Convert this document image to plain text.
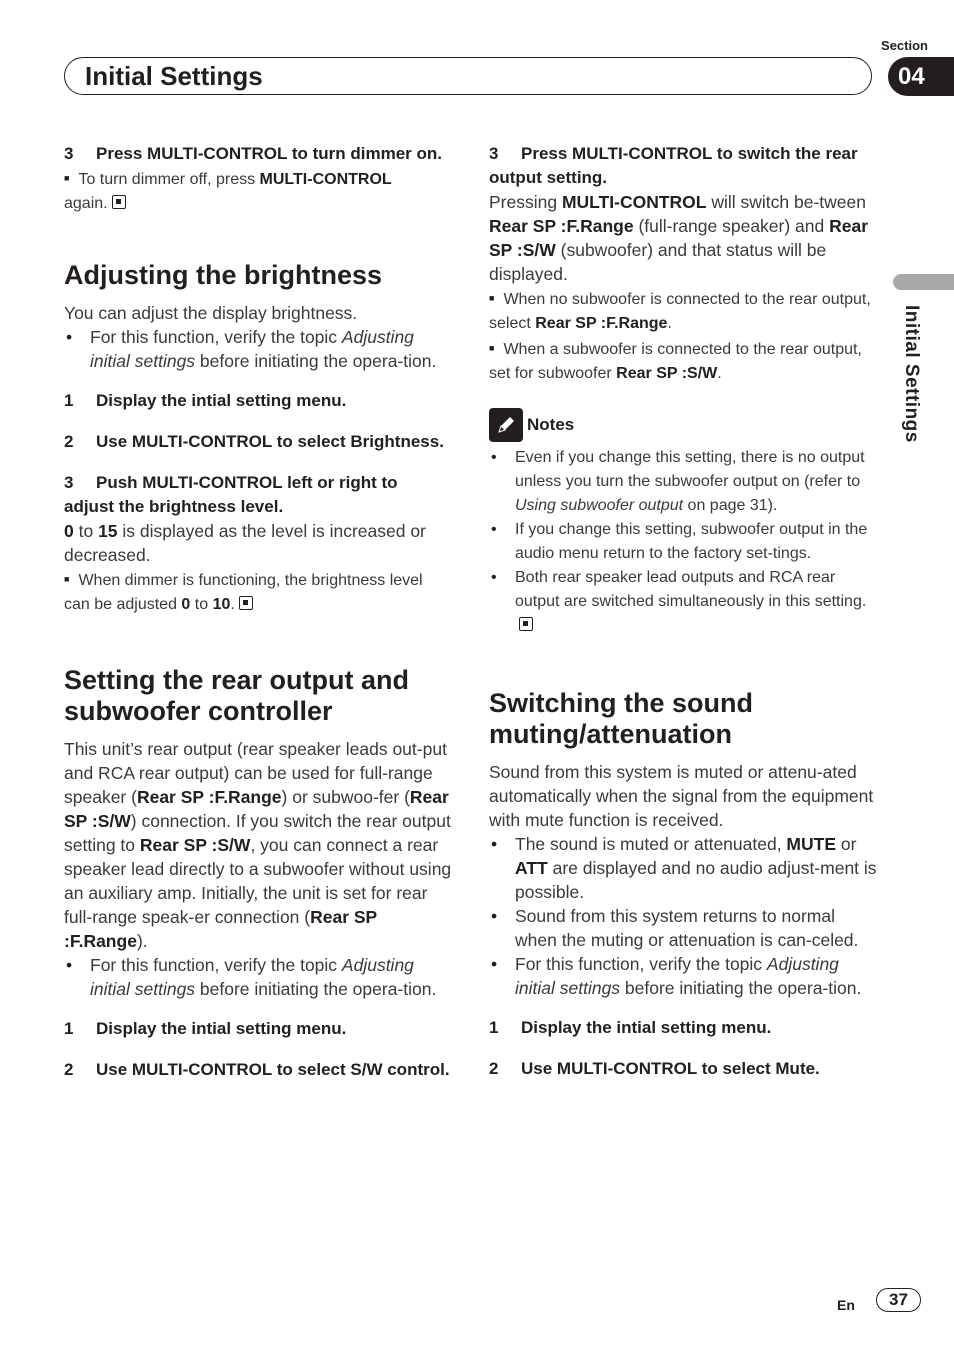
Section
Initial Settings	04
Initial Settings

3 Press MULTI-CONTROL to turn dimmer on.

■ To turn dimmer off, press MULTI-CONTROL
again.

Adjusting the brightness

You can adjust the display brightness.

• For this function, verify the topic Adjusting initial settings before initiating the opera-tion.

1 Display the intial setting menu.

2 Use MULTI-CONTROL to select Brightness.

3 Push MULTI-CONTROL left or right to adjust the brightness level.

0 to 15 is displayed as the level is increased or decreased.

■ When dimmer is functioning, the brightness level can be adjusted 0 to 10.

Setting the rear output and subwoofer controller

This unit’s rear output (rear speaker leads out-put and RCA rear output) can be used for full-range speaker (Rear SP :F.Range) or subwoo-fer (Rear SP :S/W) connection. If you switch the rear output setting to Rear SP :S/W, you can connect a rear speaker lead directly to a subwoofer without using an auxiliary amp. Initially, the unit is set for rear full-range speak-er connection (Rear SP :F.Range).

• For this function, verify the topic Adjusting initial settings before initiating the opera-tion.

1 Display the intial setting menu.

2 Use MULTI-CONTROL to select S/W control.

3 Press MULTI-CONTROL to switch the rear output setting.

Pressing MULTI-CONTROL will switch be-tween Rear SP :F.Range (full-range speaker) and Rear SP :S/W (subwoofer) and that status will be displayed.

■ When no subwoofer is connected to the rear output, select Rear SP :F.Range.

■ When a subwoofer is connected to the rear output, set for subwoofer Rear SP :S/W.

Notes

• Even if you change this setting, there is no output unless you turn the subwoofer output on (refer to Using subwoofer output on page 31).

• If you change this setting, subwoofer output in the audio menu return to the factory set-tings.

• Both rear speaker lead outputs and RCA rear output are switched simultaneously in this setting.

Switching the sound muting/attenuation

Sound from this system is muted or attenu-ated automatically when the signal from the equipment with mute function is received.

• The sound is muted or attenuated, MUTE or ATT are displayed and no audio adjust-ment is possible.

• Sound from this system returns to normal when the muting or attenuation is can-celed.

• For this function, verify the topic Adjusting initial settings before initiating the opera-tion.

1 Display the intial setting menu.

2 Use MULTI-CONTROL to select Mute.

En	37
